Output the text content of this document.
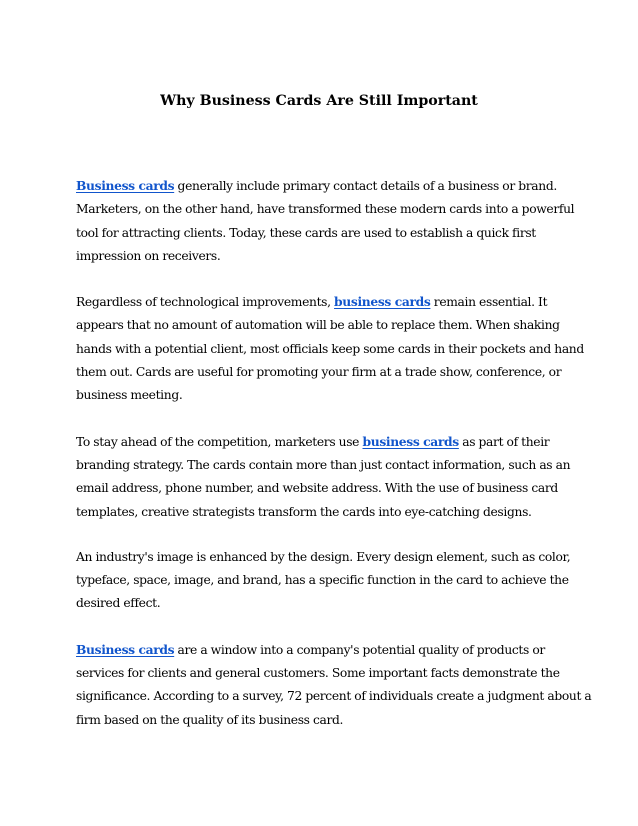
Why Business Cards Are Still Important

Business cards generally include primary contact details of a business or brand.
Marketers, on the other hand, have transformed these modern cards into a powerful
tool for attracting clients. Today, these cards are used to establish a quick first
impression on receivers.

Regardless of technological improvements, business cards remain essential. It
appears that no amount of automation will be able to replace them. When shaking
hands with a potential client, most officials keep some cards in their pockets and hand
them out. Cards are useful for promoting your firm at a trade show, conference, or
business meeting.

To stay ahead of the competition, marketers use business cards as part of their
branding strategy. The cards contain more than just contact information, such as an
email address, phone number, and website address. With the use of business card
templates, creative strategists transform the cards into eye-catching designs.

An industry's image is enhanced by the design. Every design element, such as color,
typeface, space, image, and brand, has a specific function in the card to achieve the
desired effect.

Business cards are a window into a company's potential quality of products or
services for clients and general customers. Some important facts demonstrate the
significance. According to a survey, 72 percent of individuals create a judgment about a
firm based on the quality of its business card.
